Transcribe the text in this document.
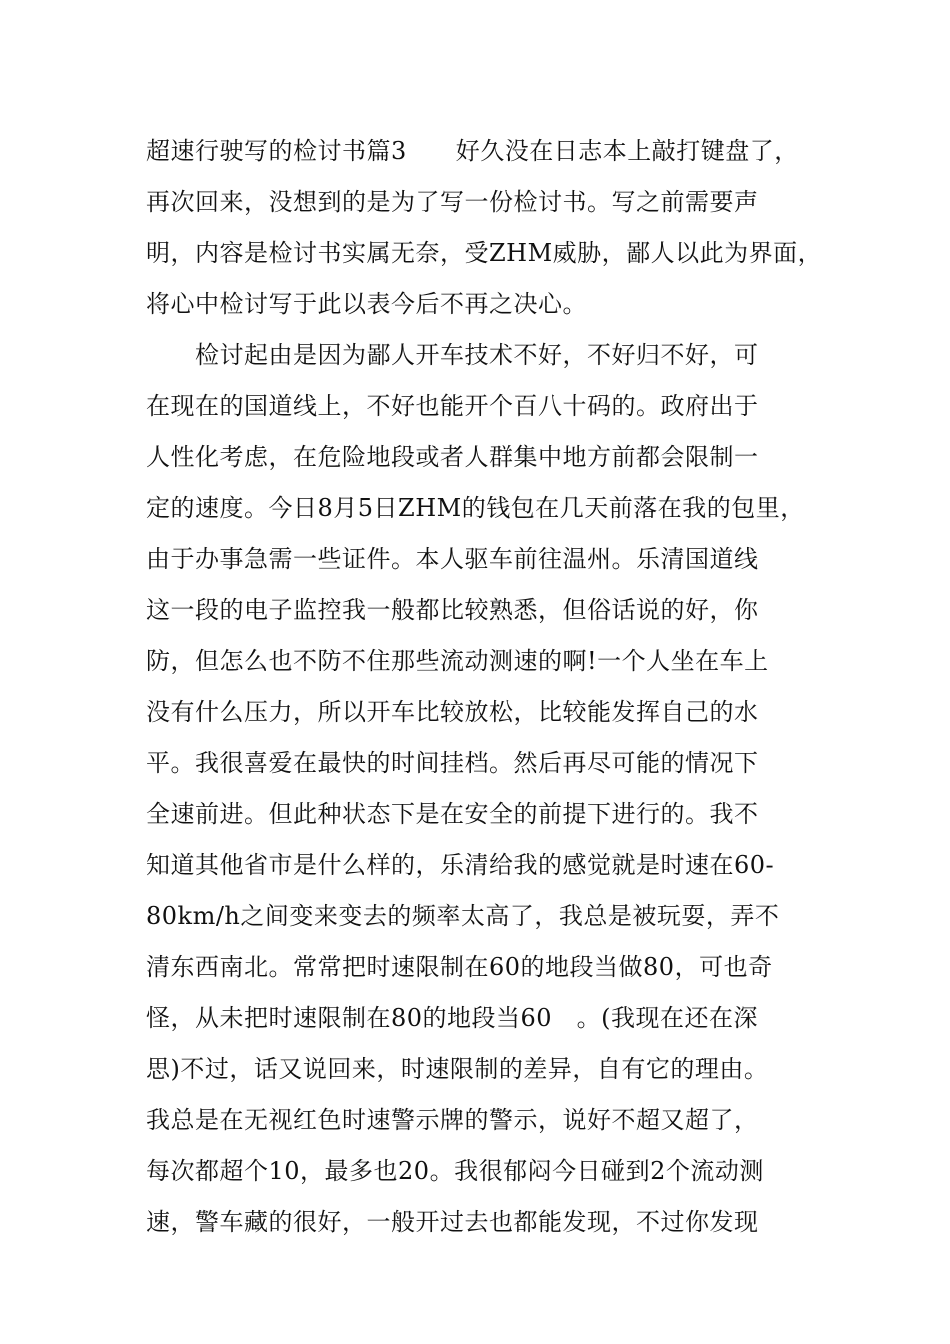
超速行驶写的检讨书篇3　　好久没在日志本上敲打键盘了，
再次回来，没想到的是为了写一份检讨书。写之前需要声
明，内容是检讨书实属无奈，受ZHM威胁，鄙人以此为界面，
将心中检讨写于此以表今后不再之决心。
　　检讨起由是因为鄙人开车技术不好，不好归不好，可
在现在的国道线上，不好也能开个百八十码的。政府出于
人性化考虑，在危险地段或者人群集中地方前都会限制一
定的速度。今日8月5日ZHM的钱包在几天前落在我的包里，
由于办事急需一些证件。本人驱车前往温州。乐清国道线
这一段的电子监控我一般都比较熟悉，但俗话说的好，你
防，但怎么也不防不住那些流动测速的啊!一个人坐在车上
没有什么压力，所以开车比较放松，比较能发挥自己的水
平。我很喜爱在最快的时间挂档。然后再尽可能的情况下
全速前进。但此种状态下是在安全的前提下进行的。我不
知道其他省市是什么样的，乐清给我的感觉就是时速在60-
80km/h之间变来变去的频率太高了，我总是被玩耍，弄不
清东西南北。常常把时速限制在60的地段当做80，可也奇
怪，从未把时速限制在80的地段当60　。(我现在还在深
思)不过，话又说回来，时速限制的差异，自有它的理由。
我总是在无视红色时速警示牌的警示，说好不超又超了，
每次都超个10，最多也20。我很郁闷今日碰到2个流动测
速，警车藏的很好，一般开过去也都能发现，不过你发现
